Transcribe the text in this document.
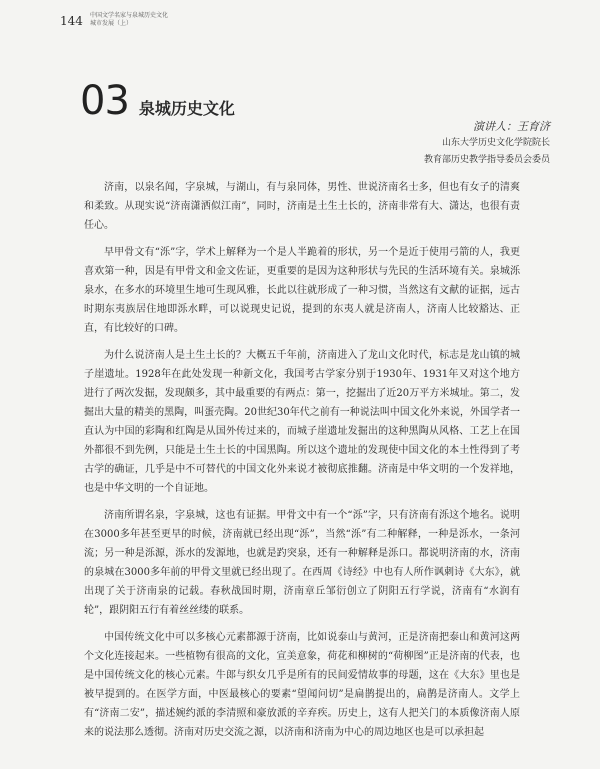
144 中国文学名家与泉城历史文化
城市发展（上）
03 泉城历史文化
演讲人：王育济
山东大学历史文化学院院长
教育部历史教学指导委员会委员

济南，以泉名闻，字泉城，与湖山，有与泉同体，男性、世说济南名士多，但也有女子的清爽和柔致。从现实说“济南潇洒似江南”，同时，济南是土生土长的，济南非常有大、潇达，也很有责任心。

早甲骨文有“泺”字，学术上解释为一个是人半跪着的形状，另一个是近于使用弓箭的人，我更喜欢第一种，因是有甲骨文和金文佐证，更重要的是因为这种形状与先民的生活环境有关。泉城泺泉水，在多水的环境里生地可生现风雅，长此以往就形成了一种习惯，当然这有文献的证据，远古时期东夷族居住地即泺水畔，可以说现史记说，提到的东夷人就是济南人，济南人比较豁达、正直，有比较好的口碑。

为什么说济南人是土生土长的？大概五千年前，济南进入了龙山文化时代，标志是龙山镇的城子崖遗址。1928年在此处发现一种新文化，我国考古学家分别于1930年、1931年又对这个地方进行了两次发掘，发现颇多，其中最重要的有两点：第一，挖掘出了近20万平方米城址。第二，发掘出大量的精美的黑陶，叫蛋壳陶。20世纪30年代之前有一种说法叫中国文化外来说，外国学者一直认为中国的彩陶和红陶是从国外传过来的，而城子崖遗址发掘出的这种黑陶从风格、工艺上在国外都很不到先例，只能是土生土长的中国黑陶。所以这个遗址的发现使中国文化的本土性得到了考古学的确证，几乎是中不可替代的中国文化外来说才被彻底推翻。济南是中华文明的一个发祥地，也是中华文明的一个自证地。

济南所谓名泉，字泉城，这也有证据。甲骨文中有一个“泺”字，只有济南有泺这个地名。说明在3000多年甚至更早的时候，济南就已经出现“泺”，当然“泺”有二种解释，一种是泺水，一条河流；另一种是泺源，泺水的发源地，也就是趵突泉，还有一种解释是泺口。都说明济南的水，济南的泉城在3000多年前的甲骨文里就已经出现了。在西周《诗经》中也有人所作讽刺诗《大东》，就出现了关于济南泉的记载。春秋战国时期，济南章丘邹衍创立了阴阳五行学说，济南有“水润有轮”，跟阴阳五行有着丝丝缕的联系。

中国传统文化中可以多核心元素都源于济南，比如说泰山与黄河，正是济南把泰山和黄河这两个文化连接起来。一些植物有很高的文化，宣美意象，荷花和柳树的“荷柳图”正是济南的代表，也是中国传统文化的核心元素。牛郎与织女几乎是所有的民间爱情故事的母题，这在《大东》里也是被早提到的。在医学方面，中医最核心的要素“望闻问切”是扁鹊提出的，扁鹊是济南人。文学上有“济南二安”，描述婉约派的李清照和豪放派的辛弃疾。历史上，这有人把关门的本质像济南人原来的说法那么透彻。济南对历史交流之源，以济南和济南为中心的周边地区也是可以承担起
